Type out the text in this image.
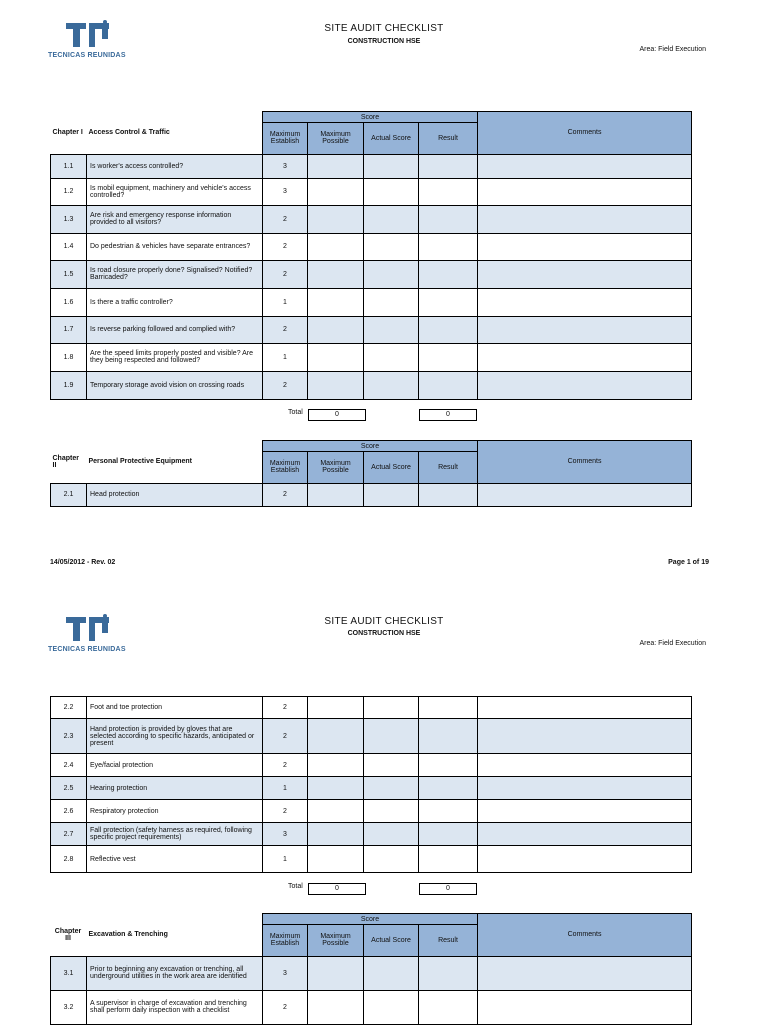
TECNICAS REUNIDAS
SITE AUDIT CHECKLIST
CONSTRUCTION HSE
Area: Field Execution
Chapter I	Access Control & Traffic	Score				Comments
		Maximum Establish	Maximum Possible	Actual Score	Result	
1.1	Is worker's access controlled?	3				
1.2	Is mobil equipment, machinery and vehicle's access controlled?	3				
1.3	Are risk and emergency response information provided to all visitors?	2				
1.4	Do pedestrian & vehicles have separate entrances?	2				
1.5	Is road closure properly done? Signalised? Notified? Barricaded?	2				
1.6	Is there a traffic controller?	1				
1.7	Is reverse parking followed and complied with?	2				
1.8	Are the speed limits properly posted and visible? Are they being respected and followed?	1				
1.9	Temporary storage avoid vision on crossing roads	2				
Total	0	0
Chapter II	Personal Protective Equipment	Score				Comments
		Maximum Establish	Maximum Possible	Actual Score	Result	
2.1	Head protection	2				
14/05/2012 - Rev. 02	Page 1 of 19
TECNICAS REUNIDAS
SITE AUDIT CHECKLIST
CONSTRUCTION HSE
Area: Field Execution
2.2	Foot and toe protection	2				
2.3	Hand protection is provided by gloves that are selected according to specific hazards, anticipated or present	2				
2.4	Eye/facial protection	2				
2.5	Hearing protection	1				
2.6	Respiratory protection	2				
2.7	Fall protection (safety harness as required, following specific project requirements)	3				
2.8	Reflective vest	1				
Total	0	0
Chapter III	Excavation & Trenching	Score				Comments
		Maximum Establish	Maximum Possible	Actual Score	Result	
3.1	Prior to beginning any excavation or trenching, all underground utilities in the work area are identified	3				
3.2	A supervisor in charge of excavation and trenching shall perform daily inspection with a checklist	2				
